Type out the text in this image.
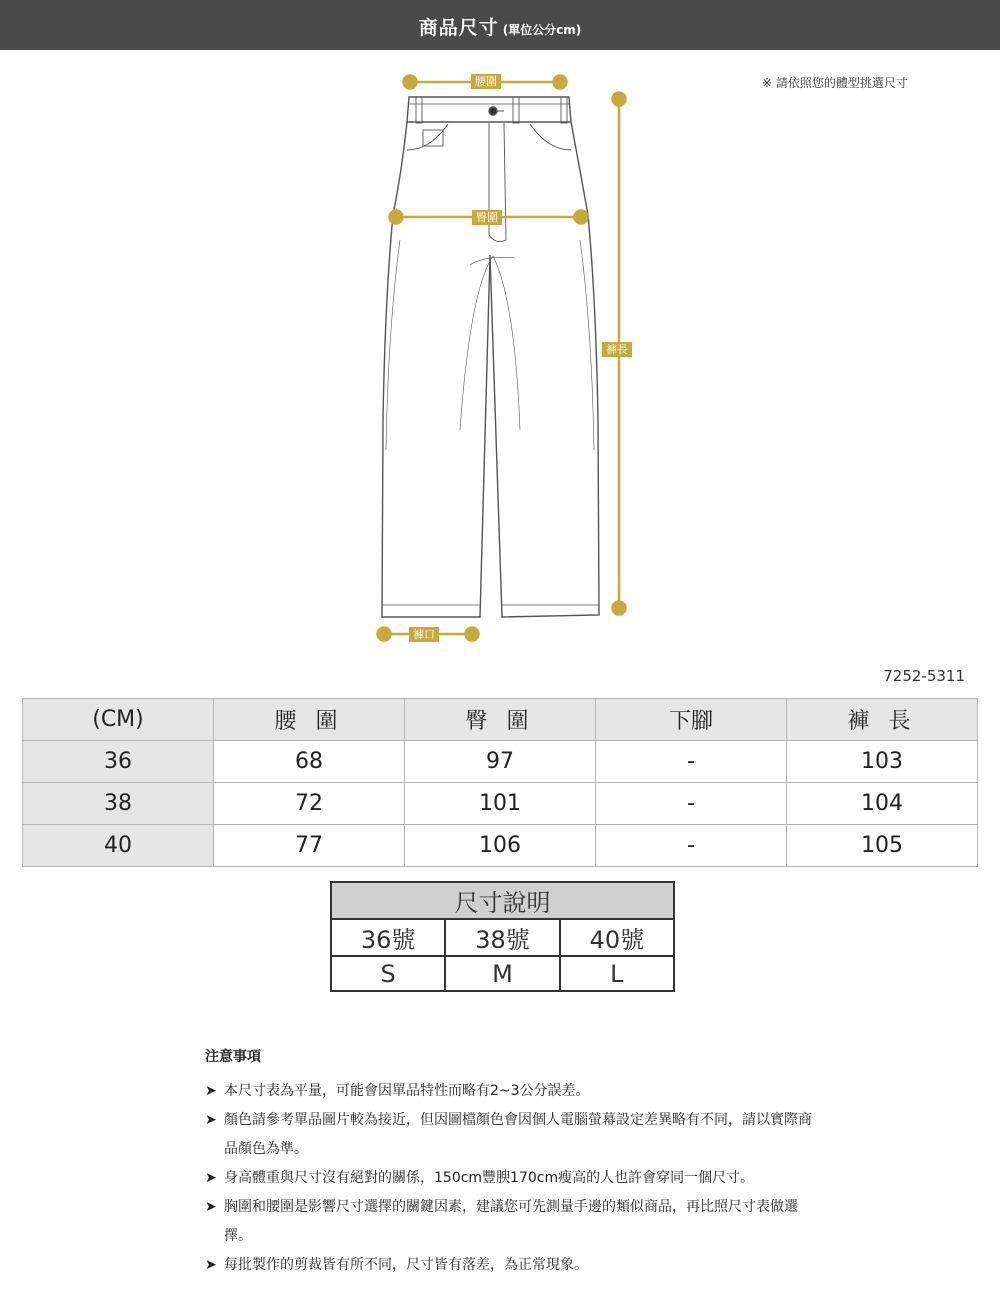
商品尺寸 (單位公分cm)
※ 請依照您的體型挑選尺寸
腰圍
臀圍
褲長
褲口
7252-5311
(CM)	腰 圍	臀 圍	下腳	褲 長
36	68	97	-	103
38	72	101	-	104
40	77	106	-	105
尺寸說明		
36號	38號	40號
S	M	L
注意事項
➤ 本尺寸表為平量，可能會因單品特性而略有2~3公分誤差。
➤ 顏色請參考單品圖片較為接近，但因圖檔顏色會因個人電腦螢幕設定差異略有不同，請以實際商品顏色為準。
➤ 身高體重與尺寸沒有絕對的關係，150cm豐腴170cm瘦高的人也許會穿同一個尺寸。
➤ 胸圍和腰圍是影響尺寸選擇的關鍵因素，建議您可先測量手邊的類似商品，再比照尺寸表做選擇。
➤ 每批製作的剪裁皆有所不同，尺寸皆有落差，為正常現象。
